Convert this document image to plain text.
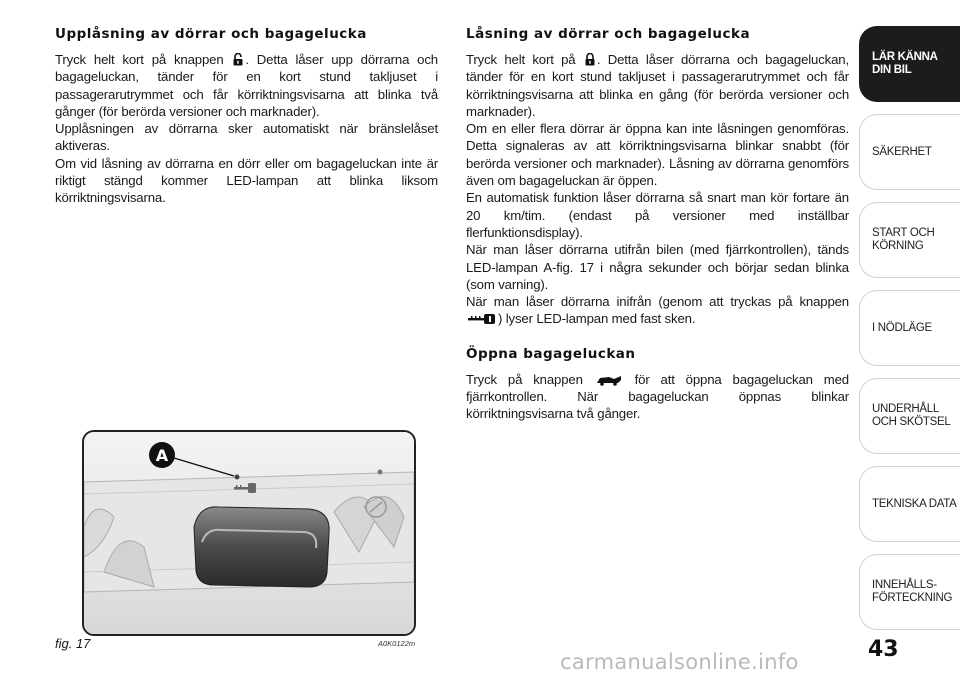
Upplåsning av dörrar och bagagelucka

Tryck helt kort på knappen . Detta låser upp dörrarna och bagageluckan, tänder för en kort stund takljuset i passagerarutrymmet och får körriktningsvisarna att blinka två gånger (för berörda versioner och marknader).
Upplåsningen av dörrarna sker automatiskt när bränslelåset aktiveras.
Om vid låsning av dörrarna en dörr eller om bagageluckan inte är riktigt stängd kommer LED-lampan att blinka liksom körriktningsvisarna.

Låsning av dörrar och bagagelucka

Tryck helt kort på . Detta låser dörrarna och bagageluckan, tänder för en kort stund takljuset i passagerarutrymmet och får körriktningsvisarna att blinka en gång (för berörda versioner och marknader).
Om en eller flera dörrar är öppna kan inte låsningen genomföras. Detta signaleras av att körriktningsvisarna blinkar snabbt (för berörda versioner och marknader). Låsning av dörrarna genomförs även om bagageluckan är öppen.
En automatisk funktion låser dörrarna så snart man kör fortare än 20 km/tim. (endast på versioner med inställbar flerfunktionsdisplay).
När man låser dörrarna utifrån bilen (med fjärrkontrollen), tänds LED-lampan A-fig. 17 i några sekunder och börjar sedan blinka (som varning).
När man låser dörrarna inifrån (genom att tryckas på knappen ) lyser LED-lampan med fast sken.

Öppna bagageluckan

Tryck på knappen	för att öppna bagageluckan med fjärrkontrollen. När bagageluckan öppnas blinkar körriktningsvisarna två gånger.

A
fig. 17	A0K0122m
LÄR KÄNNA
DIN BIL
SÄKERHET
START OCH
KÖRNING
I NÖDLÄGE
UNDERHÅLL
OCH SKÖTSEL
TEKNISKA DATA
INNEHÅLLS-
FÖRTECKNING
43
carmanualsonline.info
